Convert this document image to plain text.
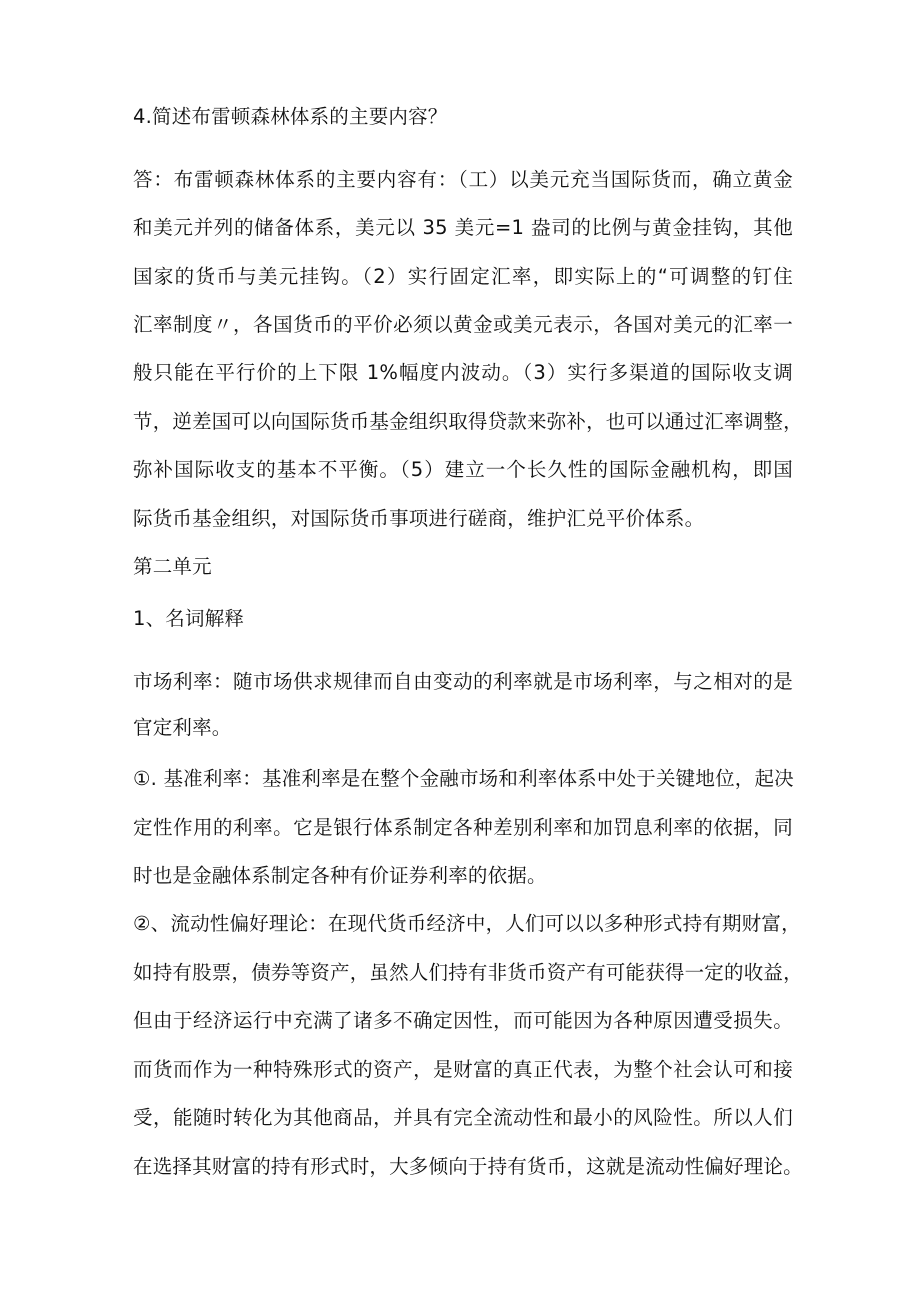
4.简述布雷顿森林体系的主要内容？
答：布雷顿森林体系的主要内容有：（工）以美元充当国际货而，确立黄金
和美元并列的储备体系，美元以 35 美元=1 盎司的比例与黄金挂钩，其他
国家的货币与美元挂钩。（2）实行固定汇率，即实际上的“可调整的钉住
汇率制度〃，各国货币的平价必须以黄金或美元表示，各国对美元的汇率一
般只能在平行价的上下限 1%幅度内波动。（3）实行多渠道的国际收支调
节，逆差国可以向国际货币基金组织取得贷款来弥补，也可以通过汇率调整，
弥补国际收支的基本不平衡。（5）建立一个长久性的国际金融机构，即国
际货币基金组织，对国际货币事项进行磋商，维护汇兑平价体系。
第二单元
1、名词解释
市场利率：随市场供求规律而自由变动的利率就是市场利率，与之相对的是
官定利率。
①. 基准利率：基准利率是在整个金融市场和利率体系中处于关键地位，起决
定性作用的利率。它是银行体系制定各种差别利率和加罚息利率的依据，同
时也是金融体系制定各种有价证券利率的依据。
②、流动性偏好理论：在现代货币经济中，人们可以以多种形式持有期财富，
如持有股票，债券等资产，虽然人们持有非货币资产有可能获得一定的收益，
但由于经济运行中充满了诸多不确定因性，而可能因为各种原因遭受损失。
而货而作为一种特殊形式的资产，是财富的真正代表，为整个社会认可和接
受，能随时转化为其他商品，并具有完全流动性和最小的风险性。所以人们
在选择其财富的持有形式时，大多倾向于持有货币，这就是流动性偏好理论。
